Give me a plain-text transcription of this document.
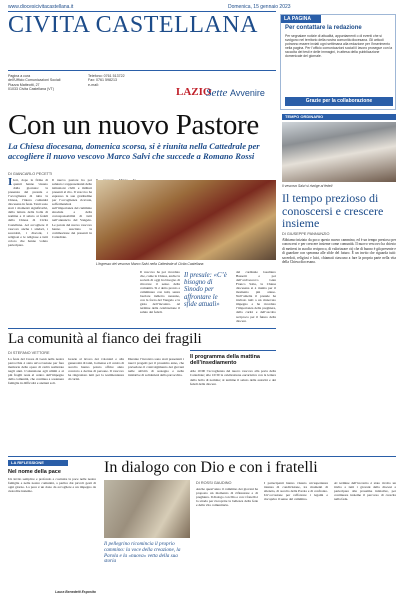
www.diocesicivitacastellana.it	Domenica, 15 gennaio 2023
CIVITA CASTELLANA
Pagina a cura
dell’Ufficio Comunicazioni Sociali
Piazza Matteotti, 27
01033 Civita Castellana (VT)
Telefono: 0761 513722
Fax: 0761 598213
e-mail:
LAZIO
Sette Avvenire
LA PAGINA
Per contattare la redazione
Per segnalare notizie di attualità, appuntamenti o di eventi che si svolgono nel territorio della nostra comunità diocesana. Gli articoli potranno essere inviati ogni settimana alla redazione per l’inserimento nella pagina. Per l’ufficio comunicazioni sociali il lavoro prosegue con la raccolta dei testi e delle immagini, in attesa della pubblicazione domenicale del giornale.
Grazie per la collaborazione
Con un nuovo Pastore
La Chiesa diocesana, domenica scorsa, si è riunita nella Cattedrale per accogliere il nuovo vescovo Marco Salvi che succede a Romano Rossi
DI GIANCARLO PECETTI
I Ieri, dopo la firma di quanti hanno vissuto dalla giornata: la presenza del presule e l’accoglienza di tutta la Chiesa, l’intera comunità diocesana in festa. Tanti sono stati i momenti significativi, dalla lettura della bolla di nomina e il saluto ai fedeli della Chiesa di Civita Castellana. Ad accogliere il vescovo anche i sindaci, i sacerdoti, i diaconi, i religiosi e le religiose e tutti coloro che hanno voluto partecipare.
Il nuovo pastore ha poi salutato i rappresentanti delle istituzioni civili e militari presenti al rito. Il vescovo ha espresso la sua gratitudine per l’accoglienza ricevuta, soffermandosi sull’importanza del cammino sinodale e della corresponsabilità di tutti nell’annuncio del Vangelo. Le parole del nuovo vescovo hanno suscitato la commozione dei presenti in Cattedrale.
L’ingresso del vescovo Marco Salvi nella Cattedrale di Civita Castellana
Il vescovo ha poi ricordato che, come la Chiesa, anche la società di oggi ha bisogno di ritrovare il senso della comunità. Si è detto pronto a camminare con tutti, senza lasciare indietro nessuno, con la forza del Vangelo e la gioia dell’incontro. Al termine della celebrazione il saluto dei fedeli.
Il presule: «C’è bisogno di Sinodo per affrontare le sfide attuali»
del cardinale Gualtiero Bassetti e poi dell’arcivescovo Gian Franco Saba, la Chiesa diocesana si è riunita per il momento più atteso. Nell’omelia il presule ha invitato tutti a un rinnovato impegno e ha ricordato l’importanza della preghiera, della carità e dell’ascolto reciproco per il futuro della diocesi.
La comunità al fianco dei fragili
DI STEFANO VETTORE
La festa del Cuore di Gesù nella nostra parrocchia è stata un’occasione per fare memoria delle opere di carità realizzate negli anni. L’attenzione agli ultimi e ai più fragili resta al centro dell’impegno della comunità, che continua a sostenere famiglie in difficoltà e anziani soli.
Grazie al lavoro dei volontari e alla generosità di tanti, la mensa e il centro di ascolto hanno potuto offrire aiuto concreto a decine di persone. Il vescovo ha ringraziato tutti per la testimonianza di carità.
Durante l’incontro sono stati presentati i nuovi progetti per il prossimo anno, che prevedono il coinvolgimento dei giovani nelle attività di sostegno e nelle iniziative di solidarietà della parrocchia.
Il programma della mattina dell’insediamento
Alle 10:00 l’accoglienza del nuovo vescovo alla porta della Cattedrale; alle 10:30 la celebrazione eucaristica con la lettura della bolla di nomina; al termine il saluto delle autorità e dei fedeli della diocesi.
TEMPO ORDINARIO
Il vescovo Salvi si rivolge ai fedeli
Il tempo prezioso di conoscersi e crescere insieme
DI GIUSEPPE PANNUNZIO
Abbiamo iniziato da poco questo nuovo cammino, ed è un tempo prezioso per conoscersi e per crescere insieme come comunità. Il nuovo vescovo ha chiesto di mettersi in ascolto reciproco, di valorizzare ciò che di buono è già presente e di guardare con speranza alle sfide del futuro. È un invito che riguarda tutti: sacerdoti, religiosi e laici, chiamati ciascuno a fare la propria parte nella vita della Chiesa diocesana.
LA RIFLESSIONE
Nel nome della pace
Un invito semplice e profondo a costruire la pace nelle nostre famiglie e nelle nostre comunità, a partire dai piccoli gesti di ogni giorno. La pace è un dono da accogliere e un impegno da custodire insieme.
Laura Benedetti Esposito
In dialogo con Dio e con i fratelli
Il pellegrino ricomincia il proprio cammino: la voce della creazione, la Parola e la «nuova» vetta della sua storia
DI ROSSI GAUDINO
Anche quest’anno il cammino dei giovani ha proposto un momento di riflessione e di preghiera. Il dialogo con Dio e con i fratelli è la strada per riscoprire la bellezza della fede e della vita comunitaria.
I partecipanti hanno vissuto un’esperienza intensa di condivisione, tra momenti di silenzio, di ascolto della Parola e di confronto. Un’occasione per rafforzare i legami e riscoprire il senso del cammino.
Al termine dell’incontro è stato rivolto un invito a tutti i giovani della diocesi a partecipare alle prossime iniziative, per continuare insieme il percorso di crescita nella fede.
